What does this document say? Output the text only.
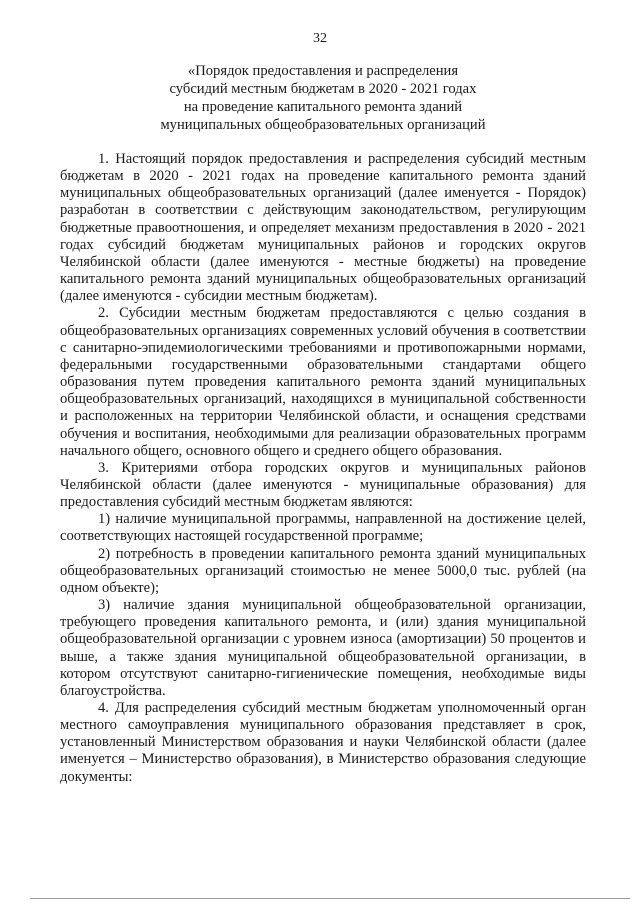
32
«Порядок предоставления и распределения
субсидий местным бюджетам в 2020 - 2021 годах
на проведение капитального ремонта зданий
муниципальных общеобразовательных организаций

1. Настоящий порядок предоставления и распределения субсидий местным бюджетам в 2020 - 2021 годах на проведение капитального ремонта зданий муниципальных общеобразовательных организаций (далее именуется - Порядок) разработан в соответствии с действующим законодательством, регулирующим бюджетные правоотношения, и определяет механизм предоставления в 2020 - 2021 годах субсидий бюджетам муниципальных районов и городских округов Челябинской области (далее именуются - местные бюджеты) на проведение капитального ремонта зданий муниципальных общеобразовательных организаций (далее именуются - субсидии местным бюджетам).

2. Субсидии местным бюджетам предоставляются с целью создания в общеобразовательных организациях современных условий обучения в соответствии с санитарно-эпидемиологическими требованиями и противопожарными нормами, федеральными государственными образовательными стандартами общего образования путем проведения капитального ремонта зданий муниципальных общеобразовательных организаций, находящихся в муниципальной собственности и расположенных на территории Челябинской области, и оснащения средствами обучения и воспитания, необходимыми для реализации образовательных программ начального общего, основного общего и среднего общего образования.

3. Критериями отбора городских округов и муниципальных районов Челябинской области (далее именуются - муниципальные образования) для предоставления субсидий местным бюджетам являются:

1) наличие муниципальной программы, направленной на достижение целей, соответствующих настоящей государственной программе;

2) потребность в проведении капитального ремонта зданий муниципальных общеобразовательных организаций стоимостью не менее 5000,0 тыс. рублей (на одном объекте);

3) наличие здания муниципальной общеобразовательной организации, требующего проведения капитального ремонта, и (или) здания муниципальной общеобразовательной организации с уровнем износа (амортизации) 50 процентов и выше, а также здания муниципальной общеобразовательной организации, в котором отсутствуют санитарно-гигиенические помещения, необходимые виды благоустройства.

4. Для распределения субсидий местным бюджетам уполномоченный орган местного самоуправления муниципального образования представляет в срок, установленный Министерством образования и науки Челябинской области (далее именуется – Министерство образования), в Министерство образования следующие документы:
